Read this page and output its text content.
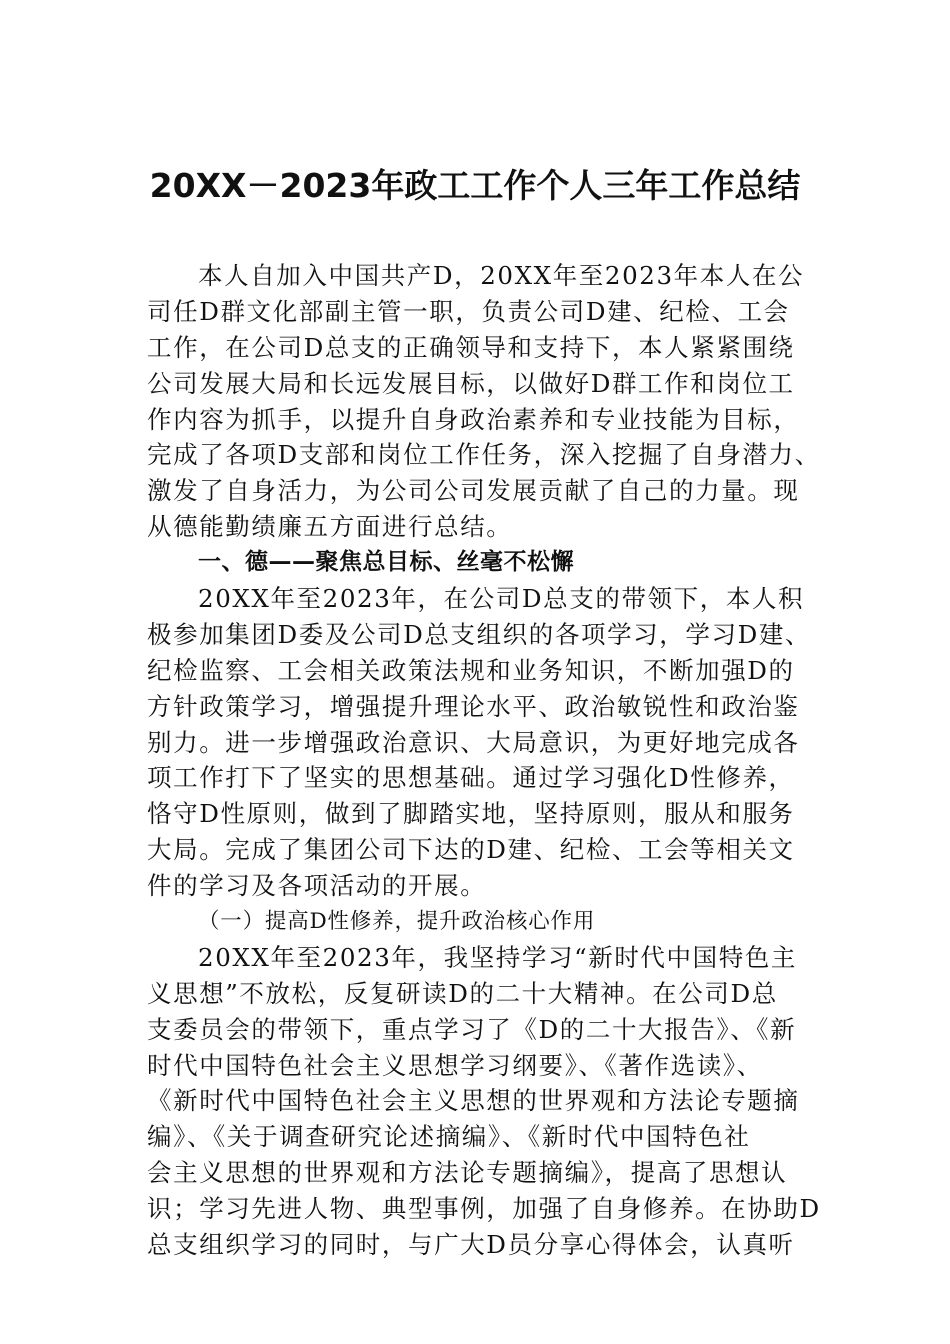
20XX－2023年政工工作个人三年工作总结
本人自加入中国共产D，20XX年至2023年本人在公
司任D群文化部副主管一职，负责公司D建、纪检、工会
工作，在公司D总支的正确领导和支持下，本人紧紧围绕
公司发展大局和长远发展目标，以做好D群工作和岗位工
作内容为抓手，以提升自身政治素养和专业技能为目标，
完成了各项D支部和岗位工作任务，深入挖掘了自身潜力、
激发了自身活力，为公司公司发展贡献了自己的力量。现
从德能勤绩廉五方面进行总结。
一、德——聚焦总目标、丝毫不松懈
20XX年至2023年，在公司D总支的带领下，本人积
极参加集团D委及公司D总支组织的各项学习，学习D建、
纪检监察、工会相关政策法规和业务知识，不断加强D的
方针政策学习，增强提升理论水平、政治敏锐性和政治鉴
别力。进一步增强政治意识、大局意识，为更好地完成各
项工作打下了坚实的思想基础。通过学习强化D性修养，
恪守D性原则，做到了脚踏实地，坚持原则，服从和服务
大局。完成了集团公司下达的D建、纪检、工会等相关文
件的学习及各项活动的开展。
（一）提高D性修养，提升政治核心作用
20XX年至2023年，我坚持学习“新时代中国特色主
义思想”不放松，反复研读D的二十大精神。在公司D总
支委员会的带领下，重点学习了《D的二十大报告》、《新
时代中国特色社会主义思想学习纲要》、《著作选读》、
《新时代中国特色社会主义思想的世界观和方法论专题摘
编》、《关于调查研究论述摘编》、《新时代中国特色社
会主义思想的世界观和方法论专题摘编》，提高了思想认
识；学习先进人物、典型事例，加强了自身修养。在协助D
总支组织学习的同时，与广大D员分享心得体会，认真听
